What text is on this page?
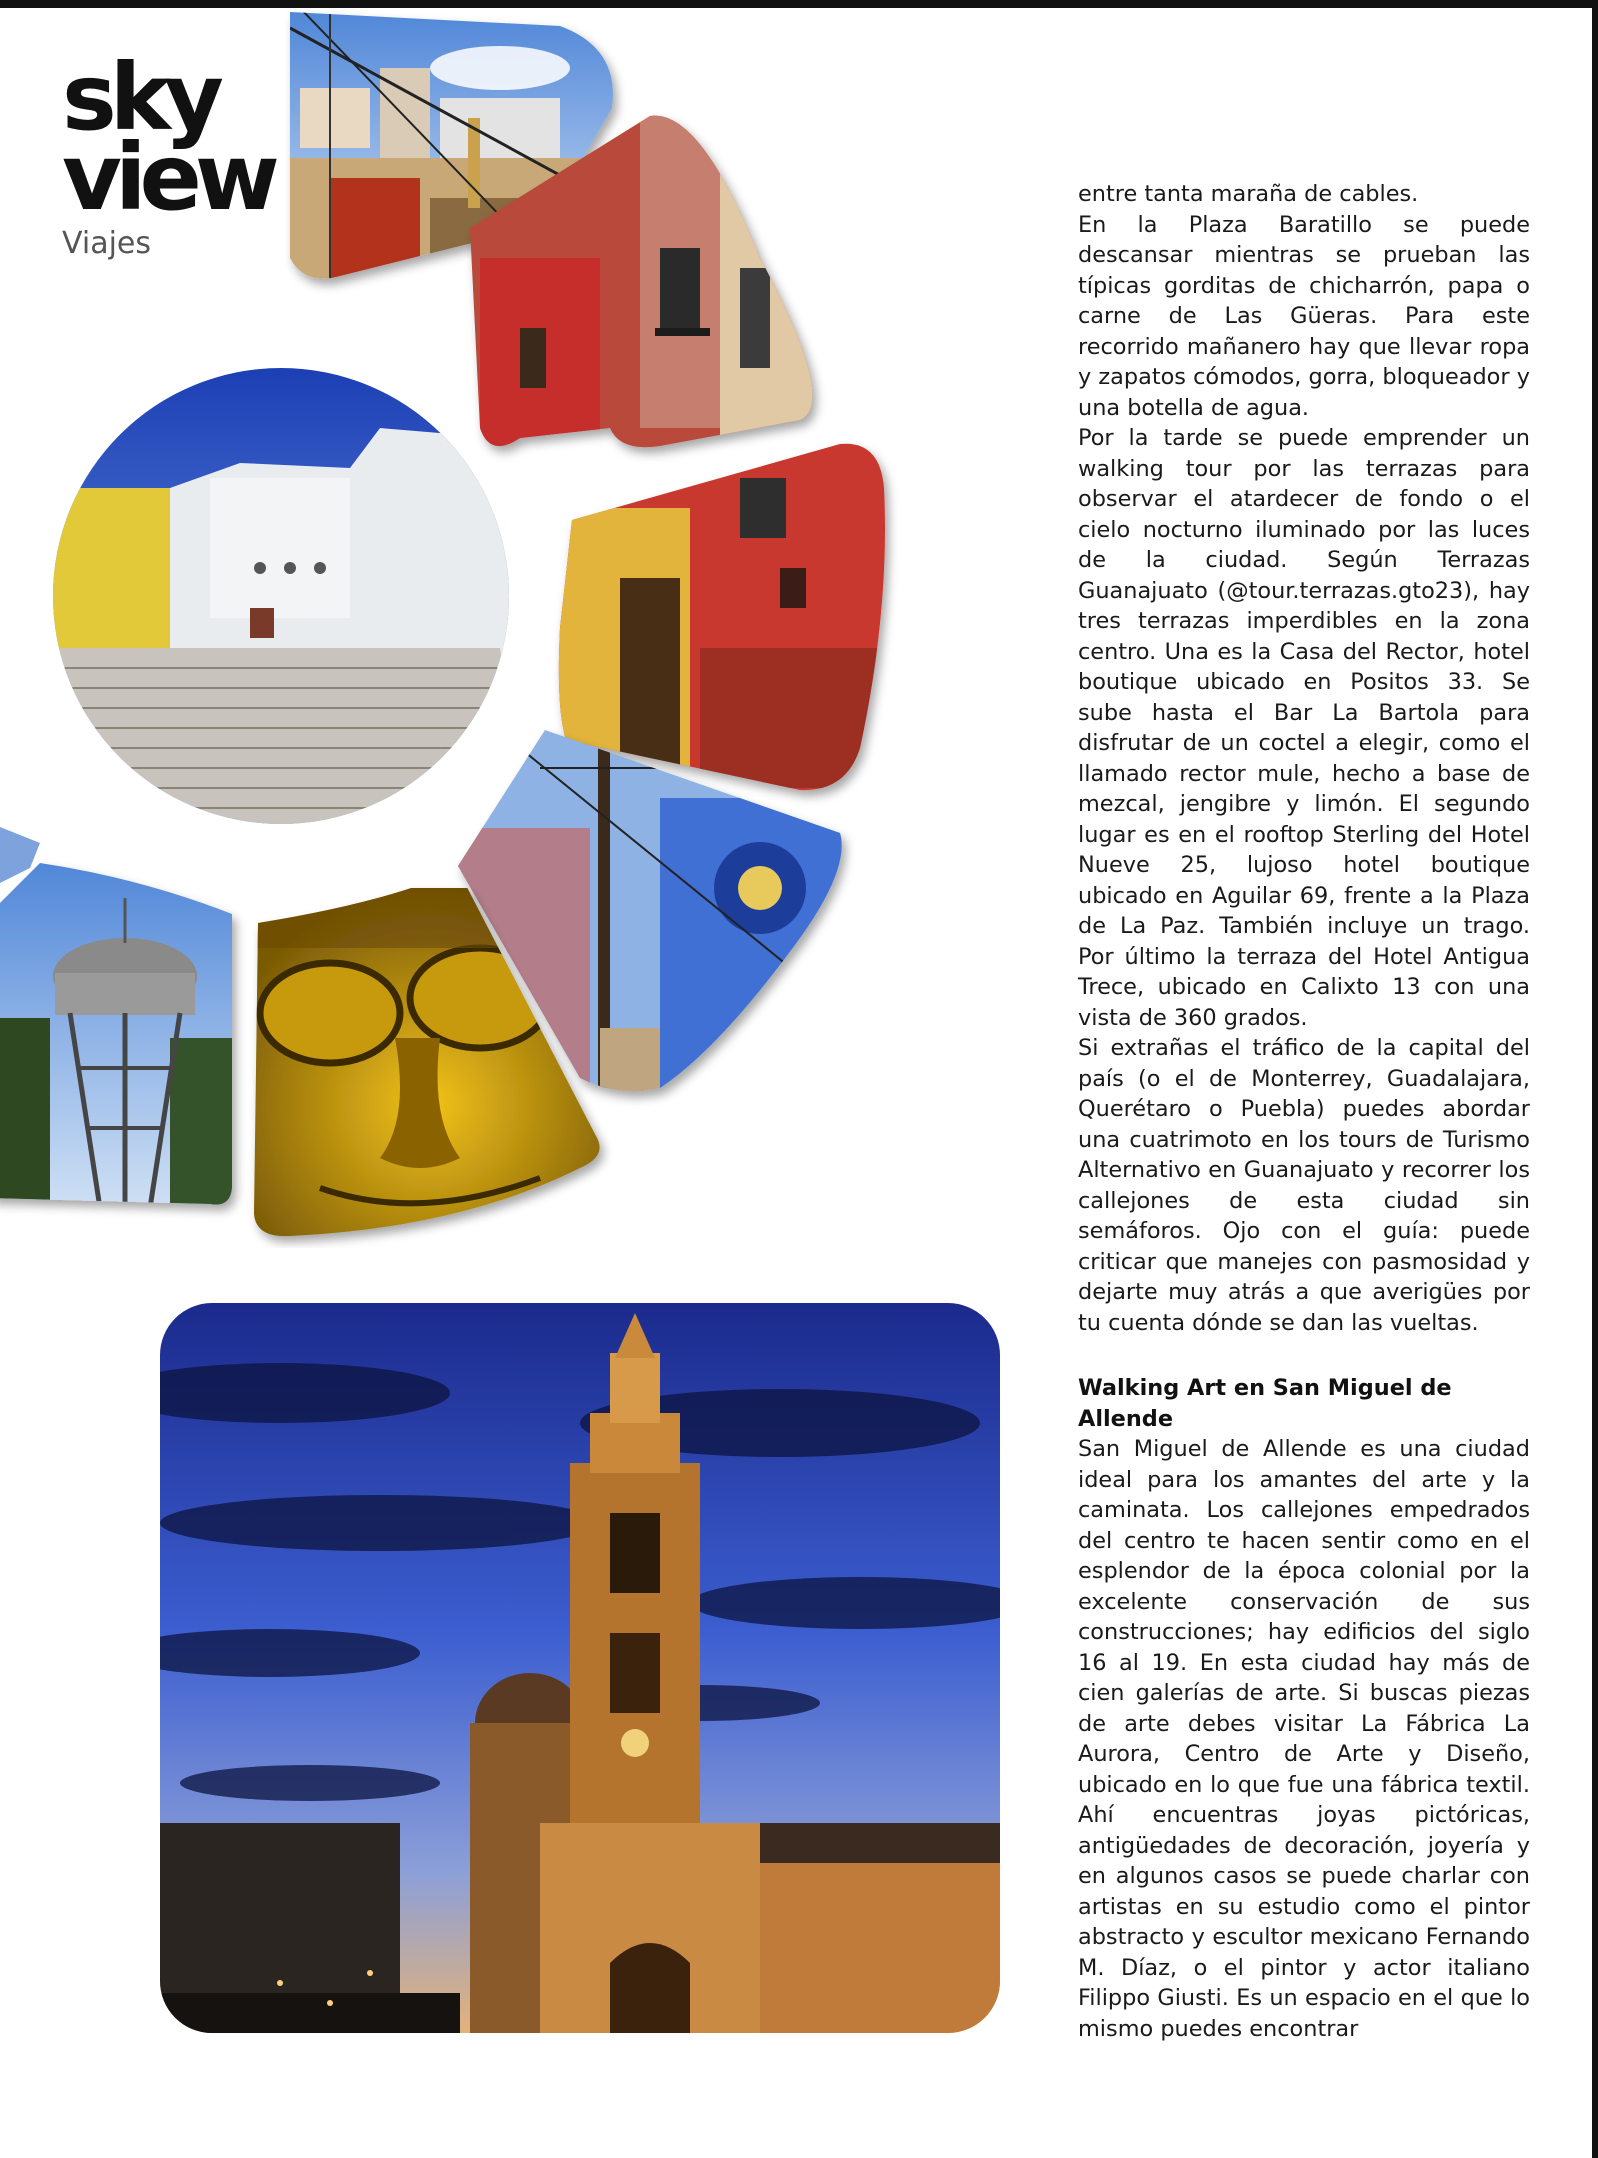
sky
view
Viajes

entre tanta maraña de cables.

En la Plaza Baratillo se puede descansar mientras se prueban las típicas gorditas de chicharrón, papa o carne de Las Güeras. Para este recorrido mañanero hay que llevar ropa y zapatos cómodos, gorra, bloqueador y una botella de agua.

Por la tarde se puede emprender un walking tour por las terrazas para observar el atardecer de fondo o el cielo nocturno iluminado por las luces de la ciudad. Según Terrazas Guanajuato (@tour.terrazas.gto23), hay tres terrazas imperdibles en la zona centro. Una es la Casa del Rector, hotel boutique ubicado en Positos 33. Se sube hasta el Bar La Bartola para disfrutar de un coctel a elegir, como el llamado rector mule, hecho a base de mezcal, jengibre y limón. El segundo lugar es en el rooftop Sterling del Hotel Nueve 25, lujoso hotel boutique ubicado en Aguilar 69, frente a la Plaza de La Paz. También incluye un trago. Por último la terraza del Hotel Antigua Trece, ubicado en Calixto 13 con una vista de 360 grados.

Si extrañas el tráfico de la capital del país (o el de Monterrey, Guadalajara, Querétaro o Puebla) puedes abordar una cuatrimoto en los tours de Turismo Alternativo en Guanajuato y recorrer los callejones de esta ciudad sin semáforos. Ojo con el guía: puede criticar que manejes con pasmosidad y dejarte muy atrás a que averigües por tu cuenta dónde se dan las vueltas.

Walking Art en San Miguel de Allende

San Miguel de Allende es una ciudad ideal para los amantes del arte y la caminata. Los callejones empedrados del centro te hacen sentir como en el esplendor de la época colonial por la excelente conservación de sus construcciones; hay edificios del siglo 16 al 19. En esta ciudad hay más de cien galerías de arte. Si buscas piezas de arte debes visitar La Fábrica La Aurora, Centro de Arte y Diseño, ubicado en lo que fue una fábrica textil. Ahí encuentras joyas pictóricas, antigüedades de decoración, joyería y en algunos casos se puede charlar con artistas en su estudio como el pintor abstracto y escultor mexicano Fernando M. Díaz, o el pintor y actor italiano Filippo Giusti. Es un espacio en el que lo mismo puedes encontrar
